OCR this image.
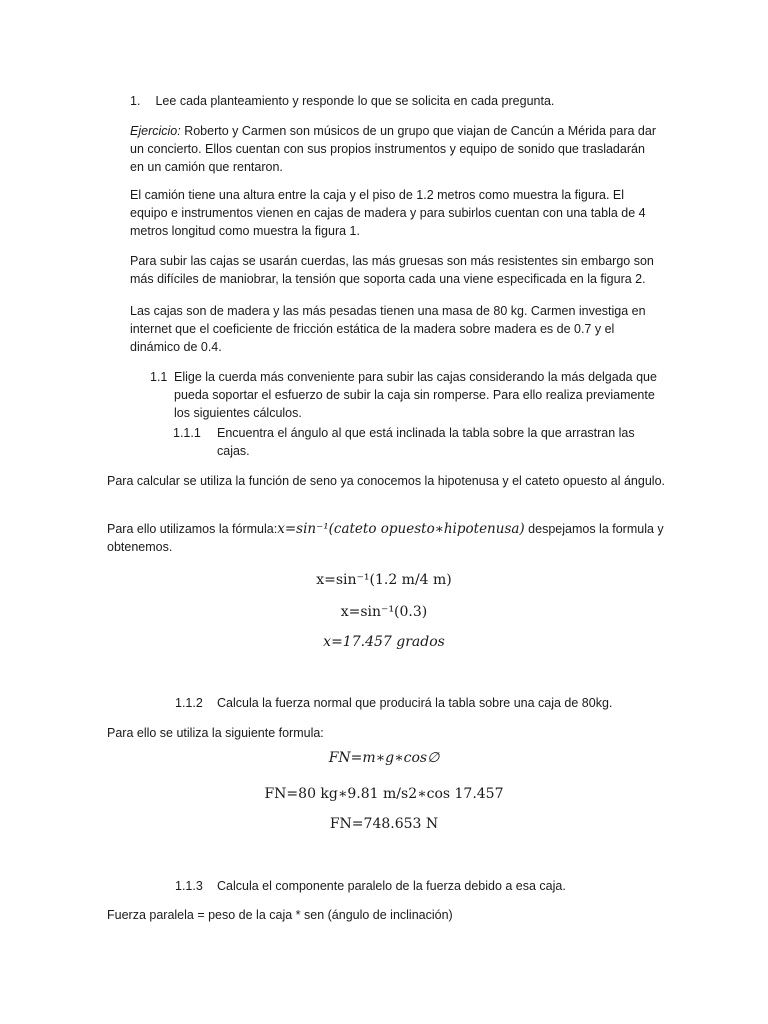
1. Lee cada planteamiento y responde lo que se solicita en cada pregunta.

Ejercicio: Roberto y Carmen son músicos de un grupo que viajan de Cancún a Mérida para dar un concierto. Ellos cuentan con sus propios instrumentos y equipo de sonido que trasladarán en un camión que rentaron.

El camión tiene una altura entre la caja y el piso de 1.2 metros como muestra la figura. El equipo e instrumentos vienen en cajas de madera y para subirlos cuentan con una tabla de 4 metros longitud como muestra la figura 1.

Para subir las cajas se usarán cuerdas, las más gruesas son más resistentes sin embargo son más difíciles de maniobrar, la tensión que soporta cada una viene especificada en la figura 2.

Las cajas son de madera y las más pesadas tienen una masa de 80 kg. Carmen investiga en internet que el coeficiente de fricción estática de la madera sobre madera es de 0.7 y el dinámico de 0.4.

1.1 Elige la cuerda más conveniente para subir las cajas considerando la más delgada que pueda soportar el esfuerzo de subir la caja sin romperse. Para ello realiza previamente los siguientes cálculos.

1.1.1 Encuentra el ángulo al que está inclinada la tabla sobre la que arrastran las cajas.

Para calcular se utiliza la función de seno ya conocemos la hipotenusa y el cateto opuesto al ángulo.

Para ello utilizamos la fórmula:x=sin⁻¹(cateto opuesto∗hipotenusa) despejamos la formula y obtenemos.

x=sin⁻¹(1.2 m/4 m)
x=sin⁻¹(0.3)
x=17.457 grados
1.1.2 Calcula la fuerza normal que producirá la tabla sobre una caja de 80kg.

Para ello se utiliza la siguiente formula:

FN=m∗g∗cos∅
FN=80 kg∗9.81 m/s2∗cos 17.457
FN=748.653 N
1.1.3 Calcula el componente paralelo de la fuerza debido a esa caja.

Fuerza paralela = peso de la caja * sen (ángulo de inclinación)
